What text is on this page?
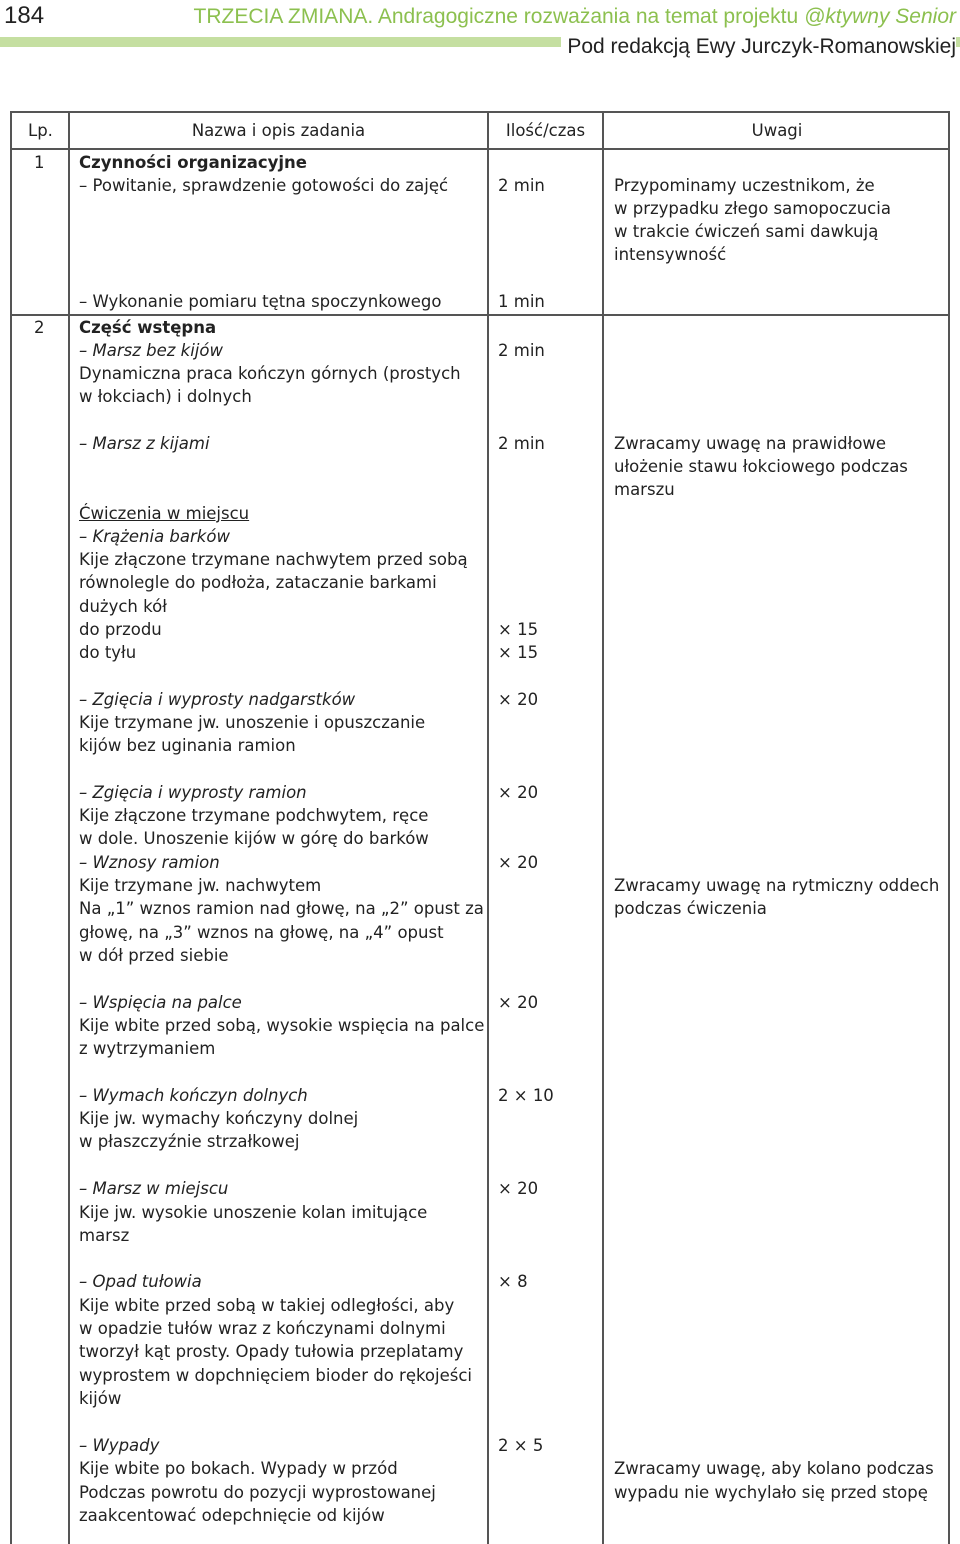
184	TRZECIA ZMIANA. Andragogiczne rozważania na temat projektu @ktywny Senior
Pod redakcją Ewy Jurczyk-Romanowskiej
Lp.	Nazwa i opis zadania	Ilość/czas	Uwagi
1 Czynności organizacyjne
– Powitanie, sprawdzenie gotowości do zajęć	2 min	Przypominamy uczestnikom, że
w przypadku złego samopoczucia
w trakcie ćwiczeń sami dawkują
intensywność
– Wykonanie pomiaru tętna spoczynkowego	1 min
2 Część wstępna
– Marsz bez kijów	2 min
Dynamiczna praca kończyn górnych (prostych
w łokciach) i dolnych
– Marsz z kijami	2 min	Zwracamy uwagę na prawidłowe
ułożenie stawu łokciowego podczas
marszu
Ćwiczenia w miejscu
– Krążenia barków
Kije złączone trzymane nachwytem przed sobą
równolegle do podłoża, zataczanie barkami
dużych kół
do przodu	× 15
do tyłu	× 15
– Zgięcia i wyprosty nadgarstków	× 20
Kije trzymane jw. unoszenie i opuszczanie
kijów bez uginania ramion
– Zgięcia i wyprosty ramion	× 20
Kije złączone trzymane podchwytem, ręce
w dole. Unoszenie kijów w górę do barków
– Wznosy ramion	× 20
Kije trzymane jw. nachwytem	Zwracamy uwagę na rytmiczny oddech
Na „1” wznos ramion nad głowę, na „2” opust za	podczas ćwiczenia
głowę, na „3” wznos na głowę, na „4” opust
w dół przed siebie
– Wspięcia na palce	× 20
Kije wbite przed sobą, wysokie wspięcia na palce
z wytrzymaniem
– Wymach kończyn dolnych	2 × 10
Kije jw. wymachy kończyny dolnej
w płaszczyźnie strzałkowej
– Marsz w miejscu	× 20
Kije jw. wysokie unoszenie kolan imitujące
marsz
– Opad tułowia	× 8
Kije wbite przed sobą w takiej odległości, aby
w opadzie tułów wraz z kończynami dolnymi
tworzył kąt prosty. Opady tułowia przeplatamy
wyprostem w dopchnięciem bioder do rękojeści
kijów
– Wypady	2 × 5
Kije wbite po bokach. Wypady w przód	Zwracamy uwagę, aby kolano podczas
Podczas powrotu do pozycji wyprostowanej	wypadu nie wychylało się przed stopę
zaakcentować odepchnięcie od kijów
